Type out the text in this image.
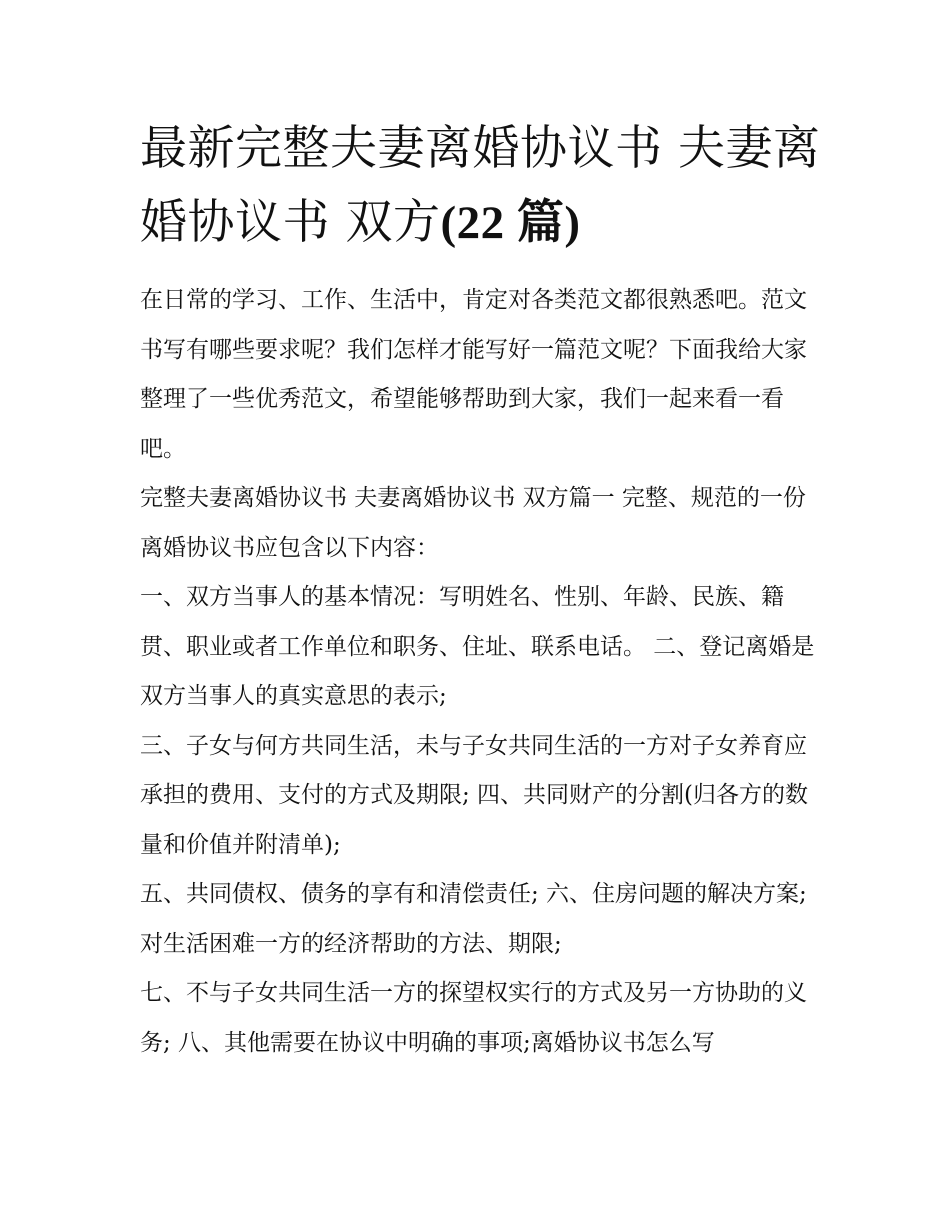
最新完整夫妻离婚协议书 夫妻离婚协议书 双方(22 篇)

在日常的学习、工作、生活中，肯定对各类范文都很熟悉吧。范文书写有哪些要求呢？我们怎样才能写好一篇范文呢？下面我给大家整理了一些优秀范文，希望能够帮助到大家，我们一起来看一看吧。

完整夫妻离婚协议书 夫妻离婚协议书 双方篇一 完整、规范的一份离婚协议书应包含以下内容：

一、双方当事人的基本情况：写明姓名、性别、年龄、民族、籍贯、职业或者工作单位和职务、住址、联系电话。 二、登记离婚是双方当事人的真实意思的表示;

三、子女与何方共同生活，未与子女共同生活的一方对子女养育应承担的费用、支付的方式及期限; 四、共同财产的分割(归各方的数量和价值并附清单);

五、共同债权、债务的享有和清偿责任; 六、住房问题的解决方案;对生活困难一方的经济帮助的方法、期限;

七、不与子女共同生活一方的探望权实行的方式及另一方协助的义务; 八、其他需要在协议中明确的事项;离婚协议书怎么写
